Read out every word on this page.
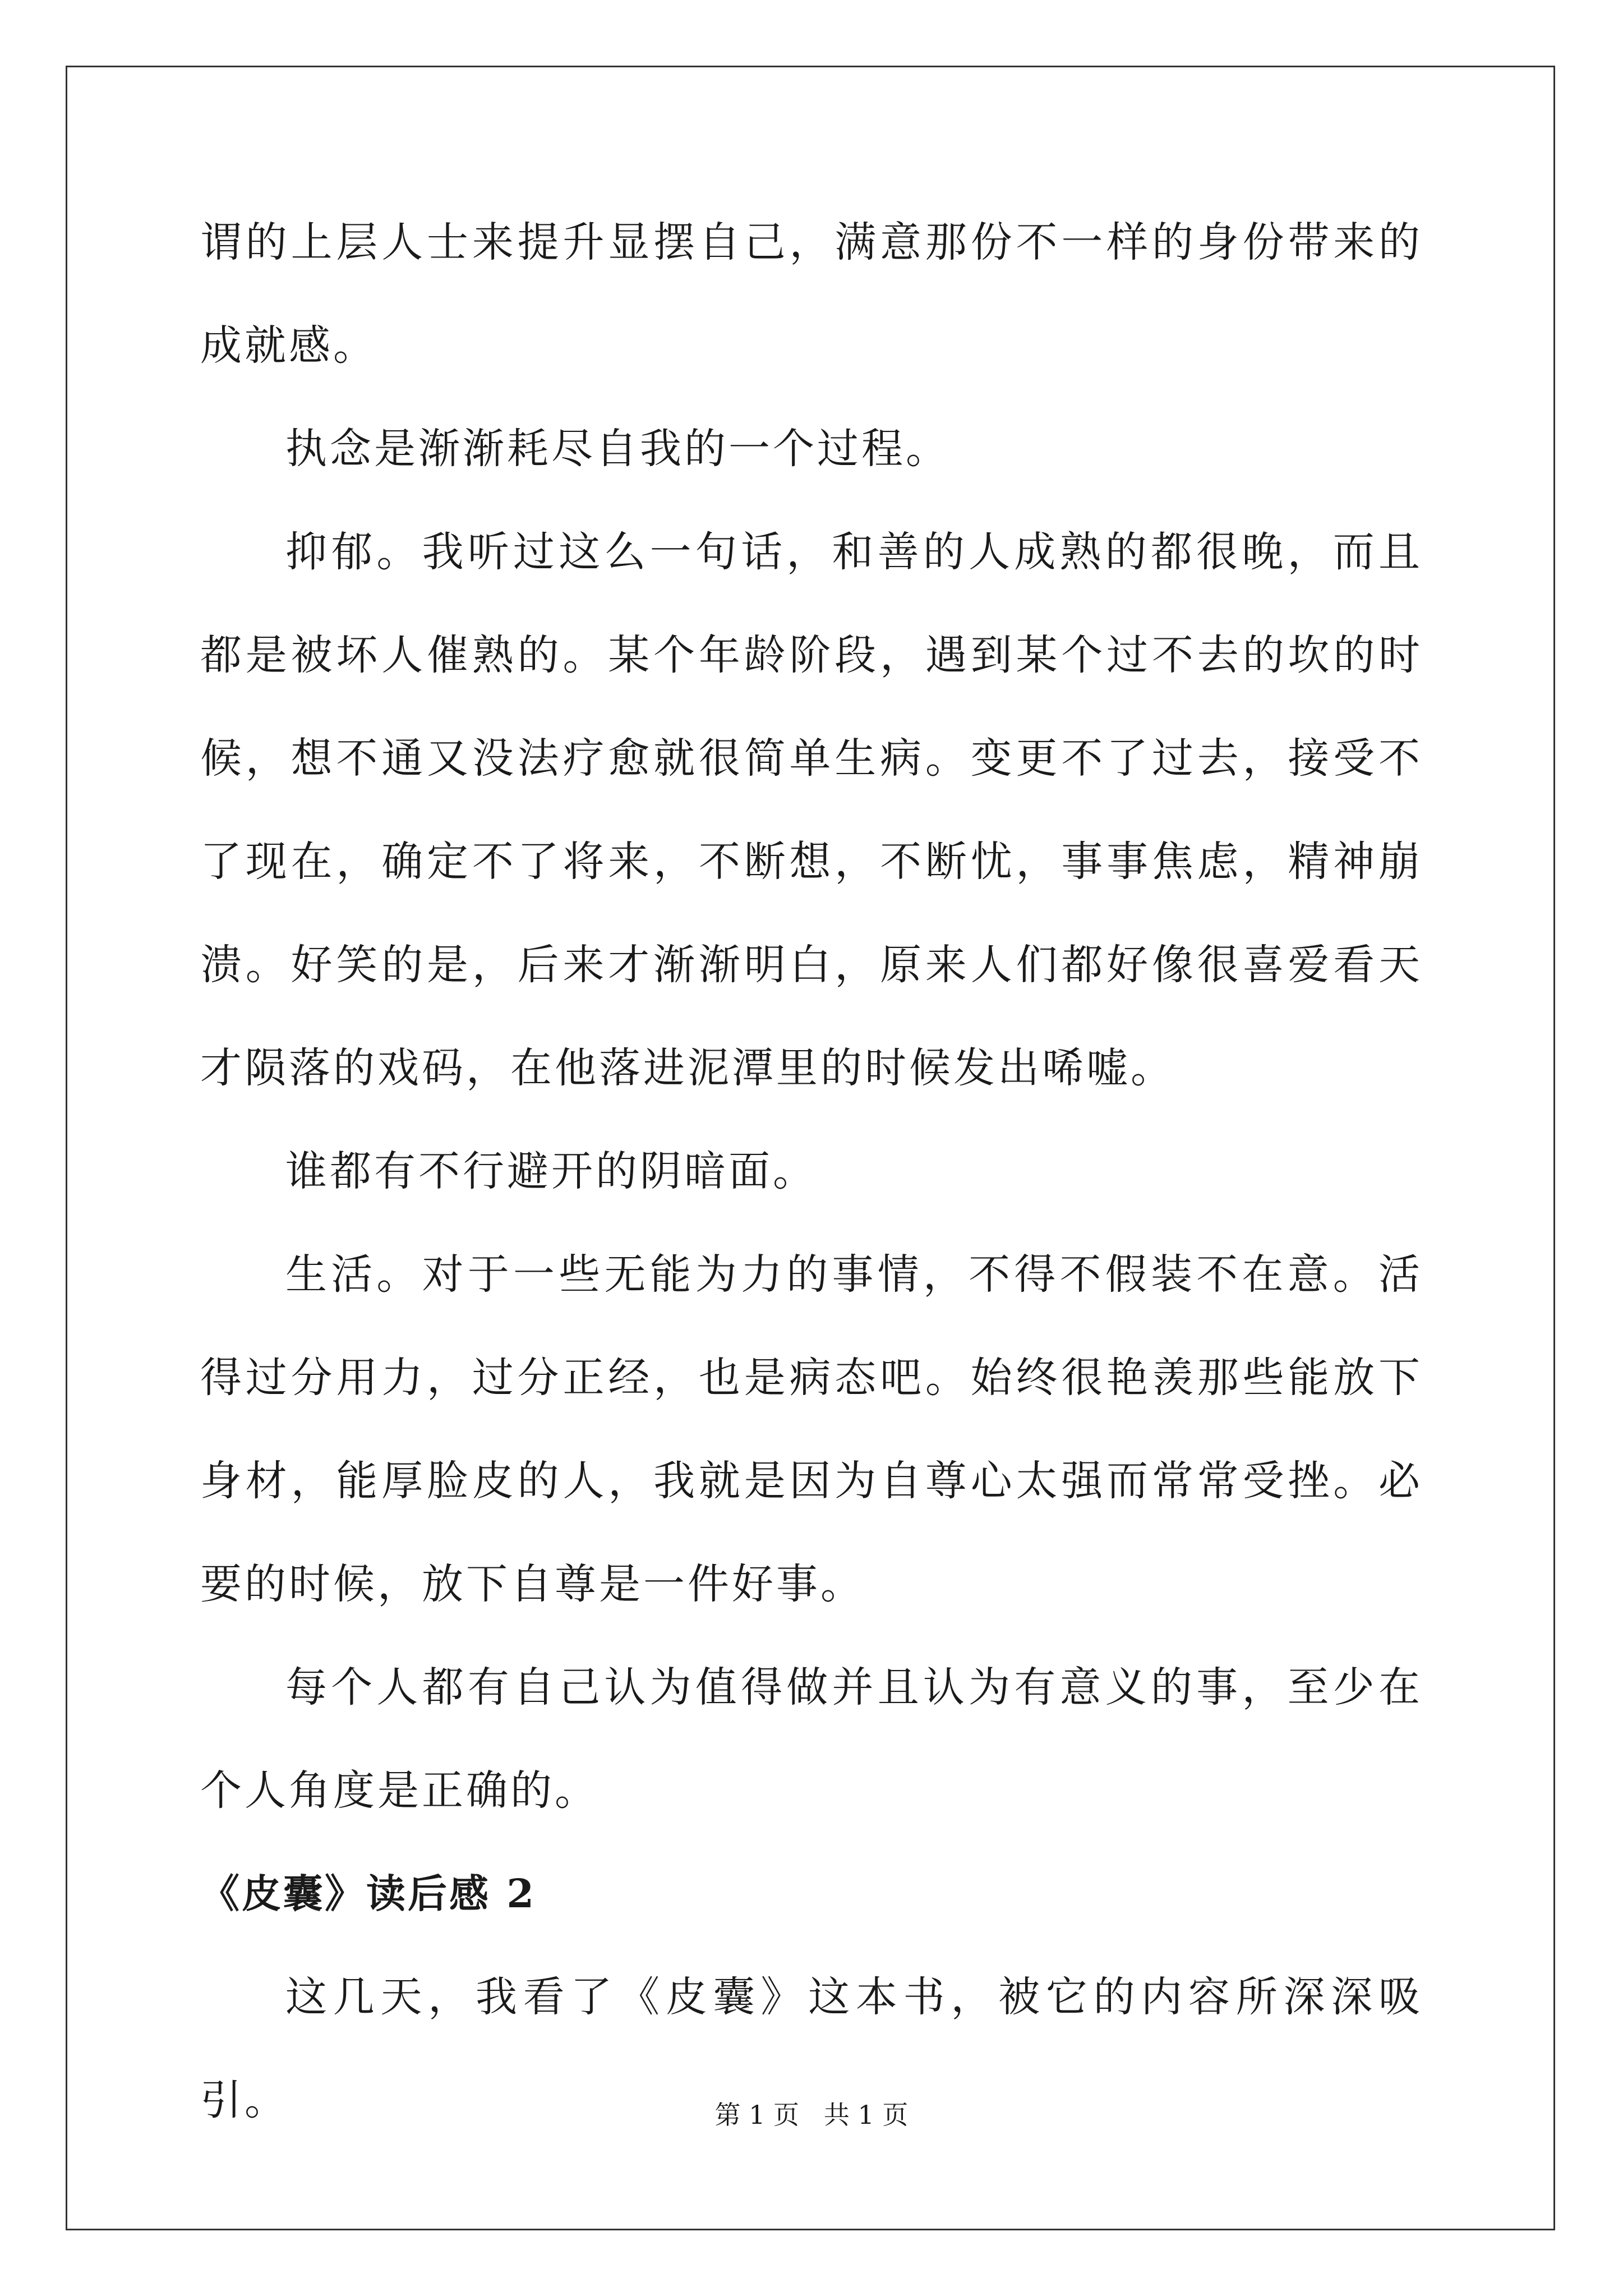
谓的上层人士来提升显摆自己，满意那份不一样的身份带来的成就感。

执念是渐渐耗尽自我的一个过程。

抑郁。我听过这么一句话，和善的人成熟的都很晚，而且都是被坏人催熟的。某个年龄阶段，遇到某个过不去的坎的时候，想不通又没法疗愈就很简单生病。变更不了过去，接受不了现在，确定不了将来，不断想，不断忧，事事焦虑，精神崩溃。好笑的是，后来才渐渐明白，原来人们都好像很喜爱看天才陨落的戏码，在他落进泥潭里的时候发出唏嘘。

谁都有不行避开的阴暗面。

生活。对于一些无能为力的事情，不得不假装不在意。活得过分用力，过分正经，也是病态吧。始终很艳羡那些能放下身材，能厚脸皮的人，我就是因为自尊心太强而常常受挫。必要的时候，放下自尊是一件好事。

每个人都有自己认为值得做并且认为有意义的事，至少在个人角度是正确的。

《皮囊》读后感 2

这几天，我看了《皮囊》这本书，被它的内容所深深吸引。	第 1 页   共 1 页
